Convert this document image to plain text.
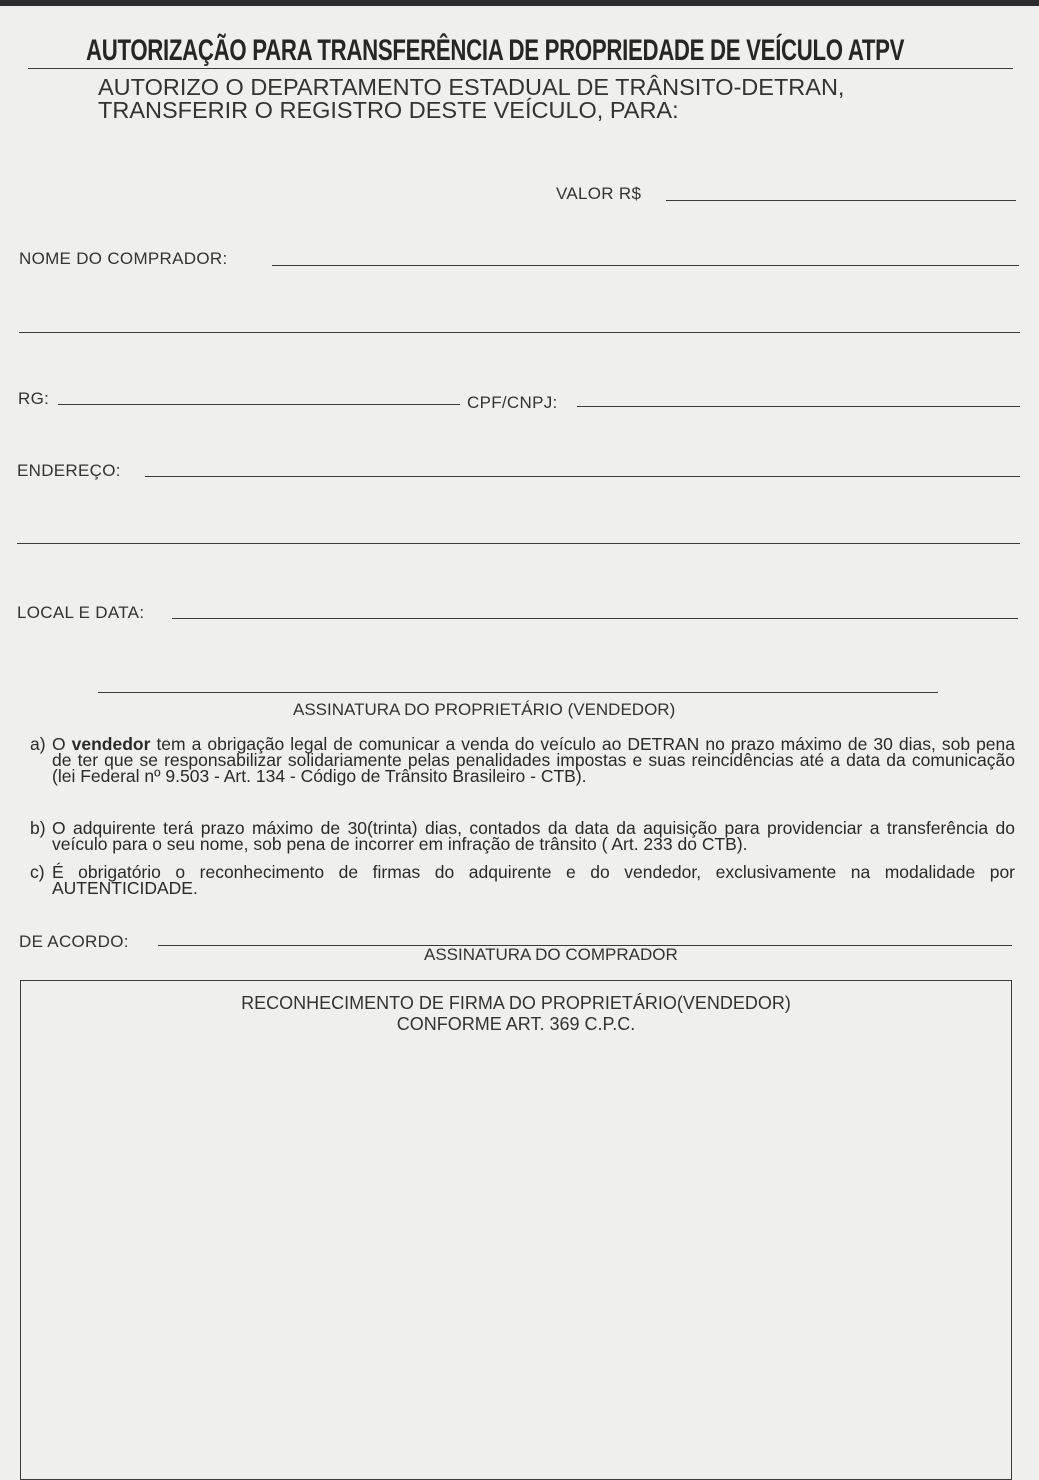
AUTORIZAÇÃO PARA TRANSFERÊNCIA DE PROPRIEDADE DE VEÍCULO ATPV
AUTORIZO O DEPARTAMENTO ESTADUAL DE TRÂNSITO-DETRAN,
TRANSFERIR O REGISTRO DESTE VEÍCULO, PARA:
VALOR R$
NOME DO COMPRADOR:
RG:	CPF/CNPJ:
ENDEREÇO:
LOCAL E DATA:
ASSINATURA DO PROPRIETÁRIO (VENDEDOR)
a) O vendedor tem a obrigação legal de comunicar a venda do veículo ao DETRAN no prazo máximo de 30 dias, sob pena de ter que se responsabilizar solidariamente pelas penalidades impostas e suas reincidências até a data da comunicação (lei Federal nº 9.503 - Art. 134 - Código de Trânsito Brasileiro - CTB).
b) O adquirente terá prazo máximo de 30(trinta) dias, contados da data da aquisição para providenciar a transferência do veículo para o seu nome, sob pena de incorrer em infração de trânsito ( Art. 233 do CTB).
c) É obrigatório o reconhecimento de firmas do adquirente e do vendedor, exclusivamente na modalidade por AUTENTICIDADE.
DE ACORDO:
ASSINATURA DO COMPRADOR
RECONHECIMENTO DE FIRMA DO PROPRIETÁRIO(VENDEDOR)
CONFORME ART. 369 C.P.C.
